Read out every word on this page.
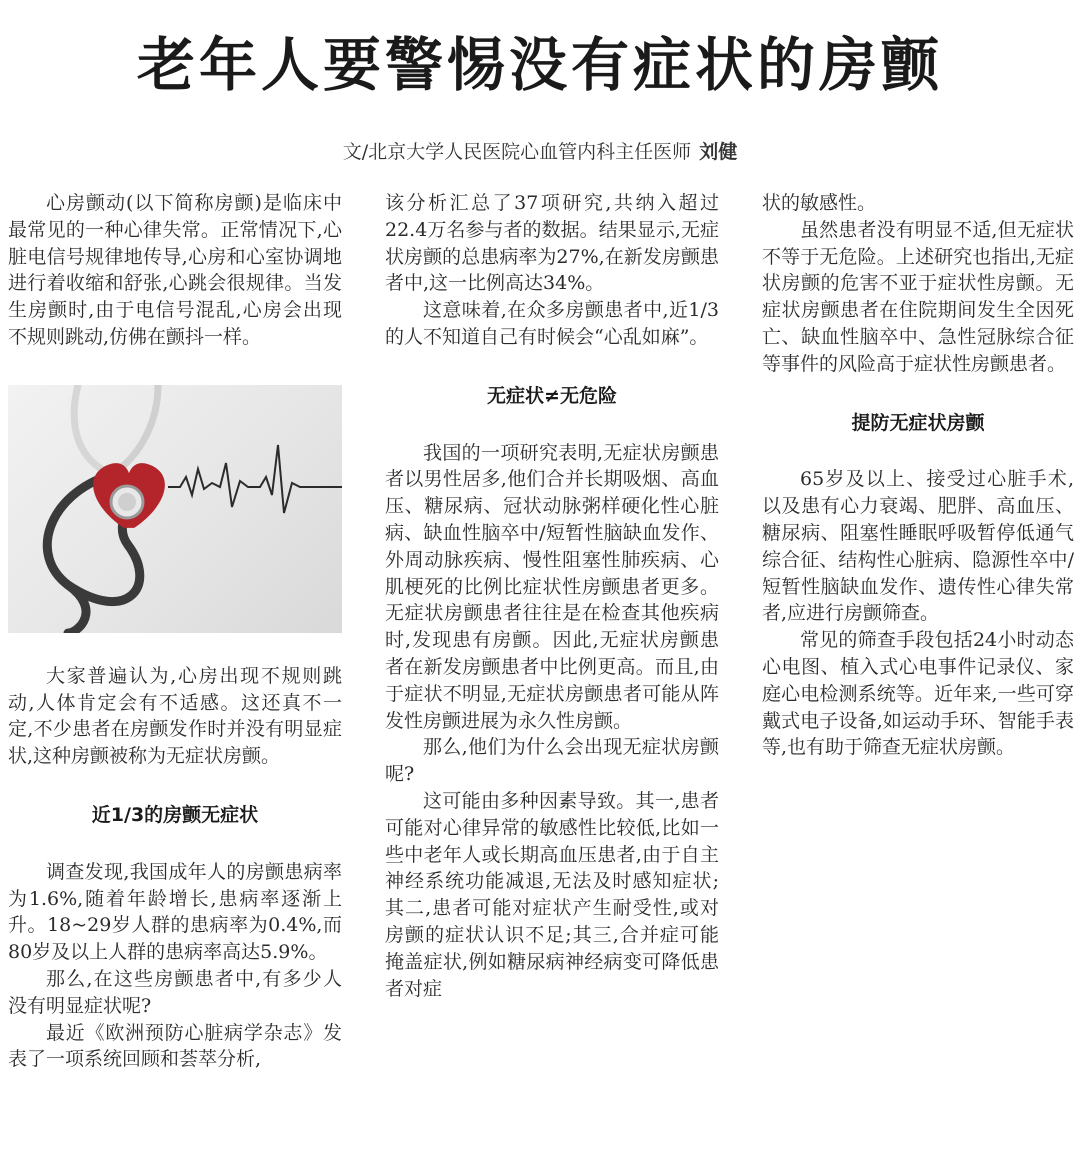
老年人要警惕没有症状的房颤
文/北京大学人民医院心血管内科主任医师 刘健

心房颤动(以下简称房颤)是临床中最常见的一种心律失常。正常情况下,心脏电信号规律地传导,心房和心室协调地进行着收缩和舒张,心跳会很规律。当发生房颤时,由于电信号混乱,心房会出现不规则跳动,仿佛在颤抖一样。

大家普遍认为,心房出现不规则跳动,人体肯定会有不适感。这还真不一定,不少患者在房颤发作时并没有明显症状,这种房颤被称为无症状房颤。

近1/3的房颤无症状

调查发现,我国成年人的房颤患病率为1.6%,随着年龄增长,患病率逐渐上升。18~29岁人群的患病率为0.4%,而80岁及以上人群的患病率高达5.9%。

那么,在这些房颤患者中,有多少人没有明显症状呢?

最近《欧洲预防心脏病学杂志》发表了一项系统回顾和荟萃分析,

该分析汇总了37项研究,共纳入超过22.4万名参与者的数据。结果显示,无症状房颤的总患病率为27%,在新发房颤患者中,这一比例高达34%。

这意味着,在众多房颤患者中,近1/3的人不知道自己有时候会“心乱如麻”。

无症状≠无危险

我国的一项研究表明,无症状房颤患者以男性居多,他们合并长期吸烟、高血压、糖尿病、冠状动脉粥样硬化性心脏病、缺血性脑卒中/短暂性脑缺血发作、外周动脉疾病、慢性阻塞性肺疾病、心肌梗死的比例比症状性房颤患者更多。无症状房颤患者往往是在检查其他疾病时,发现患有房颤。因此,无症状房颤患者在新发房颤患者中比例更高。而且,由于症状不明显,无症状房颤患者可能从阵发性房颤进展为永久性房颤。

那么,他们为什么会出现无症状房颤呢?

这可能由多种因素导致。其一,患者可能对心律异常的敏感性比较低,比如一些中老年人或长期高血压患者,由于自主神经系统功能减退,无法及时感知症状;其二,患者可能对症状产生耐受性,或对房颤的症状认识不足;其三,合并症可能掩盖症状,例如糖尿病神经病变可降低患者对症

状的敏感性。

虽然患者没有明显不适,但无症状不等于无危险。上述研究也指出,无症状房颤的危害不亚于症状性房颤。无症状房颤患者在住院期间发生全因死亡、缺血性脑卒中、急性冠脉综合征等事件的风险高于症状性房颤患者。

提防无症状房颤

65岁及以上、接受过心脏手术,以及患有心力衰竭、肥胖、高血压、糖尿病、阻塞性睡眠呼吸暂停低通气综合征、结构性心脏病、隐源性卒中/短暂性脑缺血发作、遗传性心律失常者,应进行房颤筛查。

常见的筛查手段包括24小时动态心电图、植入式心电事件记录仪、家庭心电检测系统等。近年来,一些可穿戴式电子设备,如运动手环、智能手表等,也有助于筛查无症状房颤。
